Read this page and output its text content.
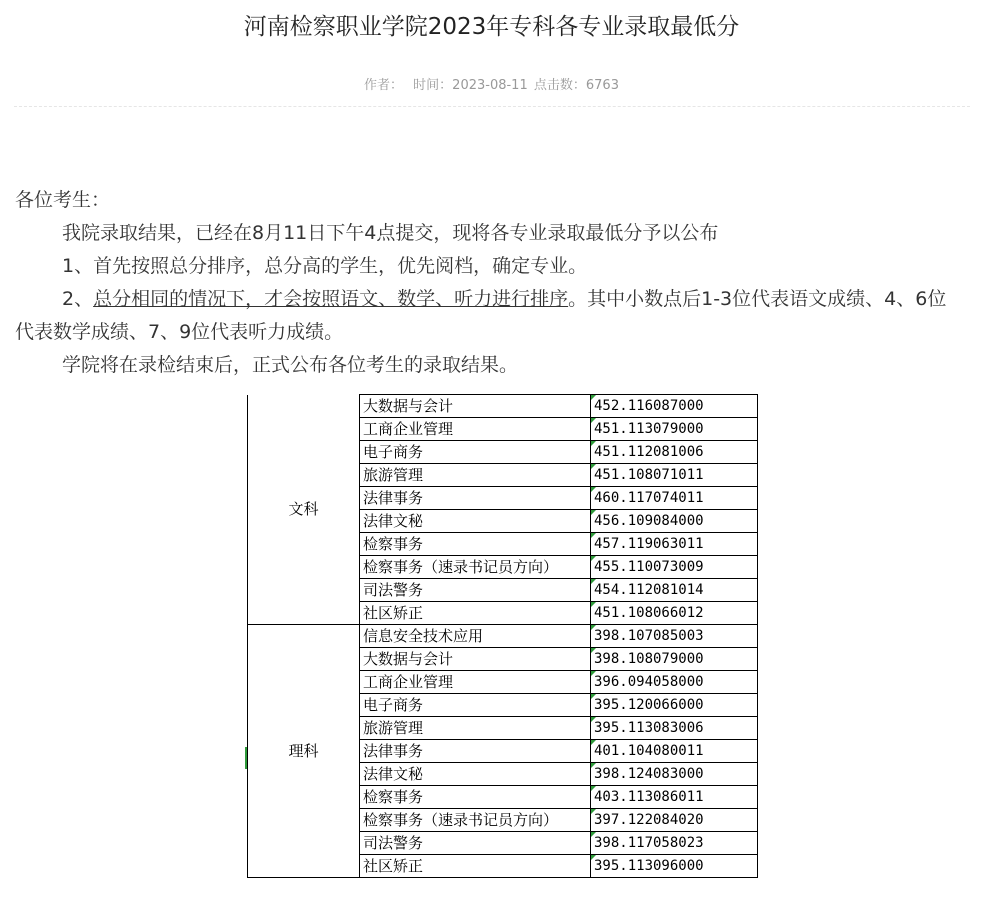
河南检察职业学院2023年专科各专业录取最低分
作者： 时间：2023-08-11 点击数：6763

各位考生：

我院录取结果，已经在8月11日下午4点提交，现将各专业录取最低分予以公布

1、首先按照总分排序，总分高的学生，优先阅档，确定专业。

2、总分相同的情况下，才会按照语文、数学、听力进行排序。其中小数点后1-3位代表语文成绩、4、6位代表数学成绩、7、9位代表听力成绩。

学院将在录检结束后，正式公布各位考生的录取结果。

文科	大数据与会计	452.116087000
	工商企业管理	451.113079000
	电子商务	451.112081006
	旅游管理	451.108071011
	法律事务	460.117074011
	法律文秘	456.109084000
	检察事务	457.119063011
	检察事务（速录书记员方向）	455.110073009
	司法警务	454.112081014
	社区矫正	451.108066012
理科	信息安全技术应用	398.107085003
	大数据与会计	398.108079000
	工商企业管理	396.094058000
	电子商务	395.120066000
	旅游管理	395.113083006
	法律事务	401.104080011
	法律文秘	398.124083000
	检察事务	403.113086011
	检察事务（速录书记员方向）	397.122084020
	司法警务	398.117058023
	社区矫正	395.113096000
